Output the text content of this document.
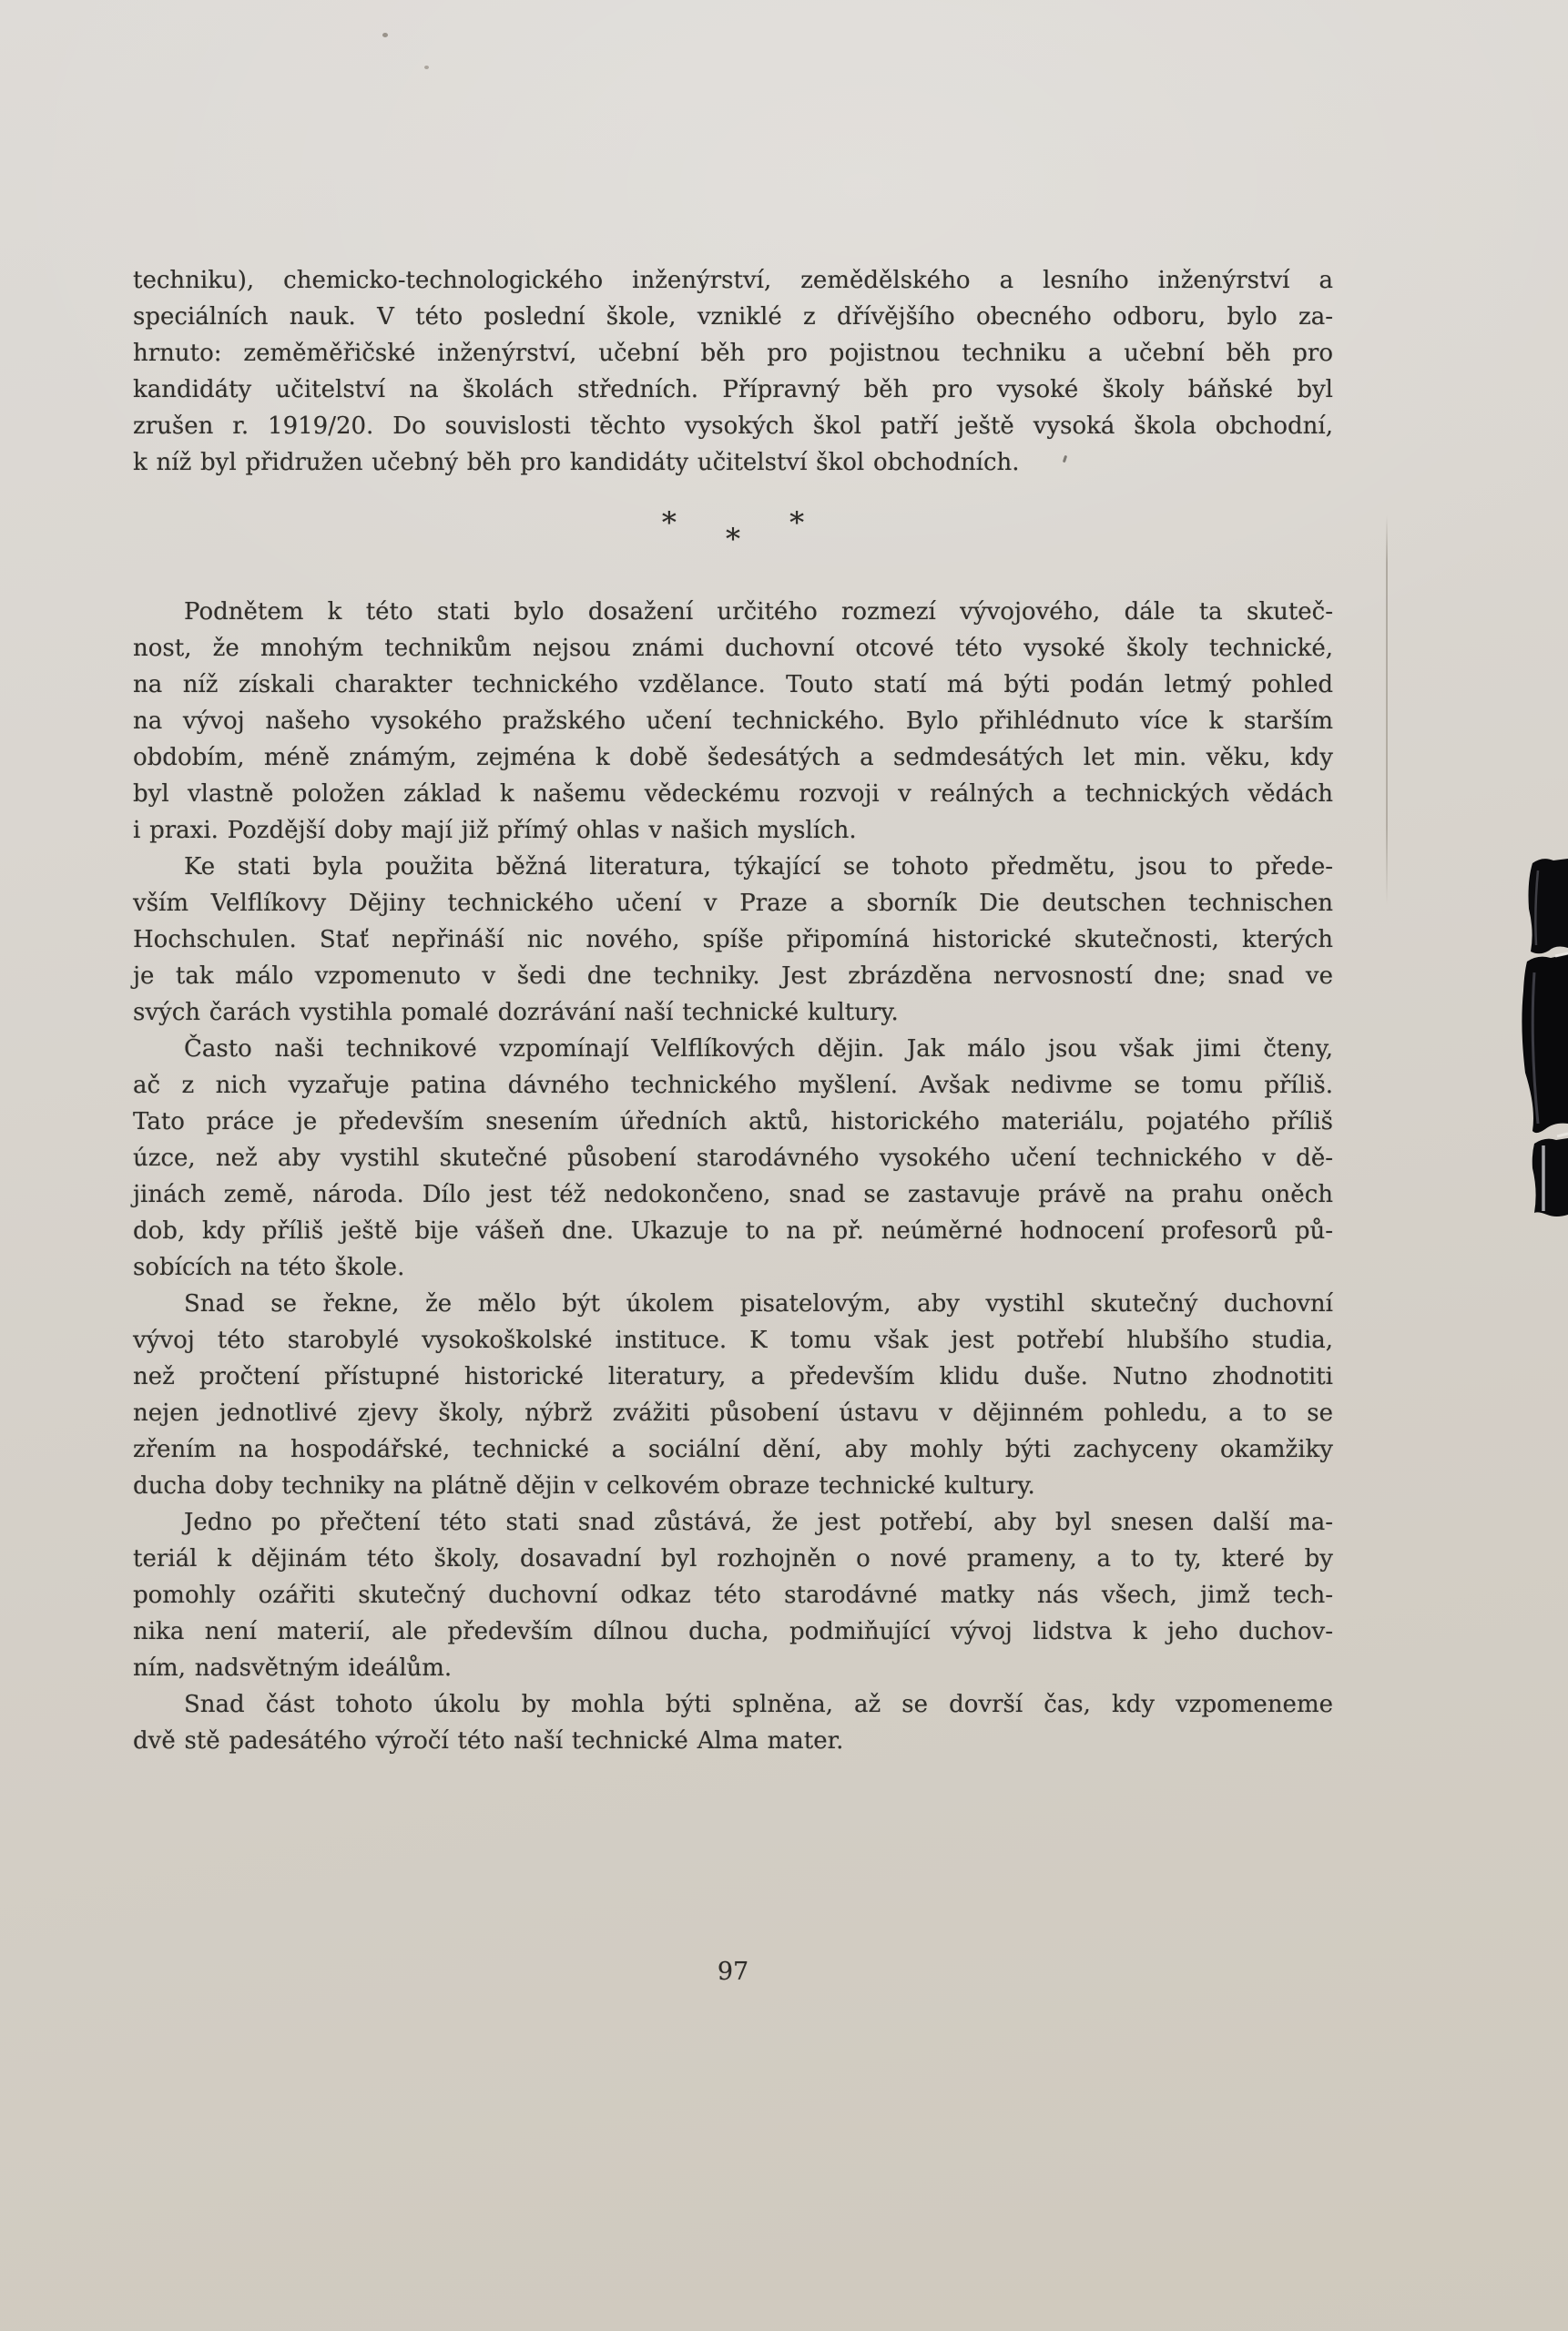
techniku), chemicko-technologického inženýrství, zemědělského a lesního inženýrství a
speciálních nauk. V této poslední škole, vzniklé z dřívějšího obecného odboru, bylo za-
hrnuto: zeměměřičské inženýrství, učební běh pro pojistnou techniku a učební běh pro
kandidáty učitelství na školách středních. Přípravný běh pro vysoké školy báňské byl
zrušen r. 1919/20. Do souvislosti těchto vysokých škol patří ještě vysoká škola obchodní,
k níž byl přidružen učebný běh pro kandidáty učitelství škol obchodních.
* * *
Podnětem k této stati bylo dosažení určitého rozmezí vývojového, dále ta skuteč-
nost, že mnohým technikům nejsou známi duchovní otcové této vysoké školy technické,
na níž získali charakter technického vzdělance. Touto statí má býti podán letmý pohled
na vývoj našeho vysokého pražského učení technického. Bylo přihlédnuto více k starším
obdobím, méně známým, zejména k době šedesátých a sedmdesátých let min. věku, kdy
byl vlastně položen základ k našemu vědeckému rozvoji v reálných a technických vědách
i praxi. Pozdější doby mají již přímý ohlas v našich myslích.
Ke stati byla použita běžná literatura, týkající se tohoto předmětu, jsou to přede-
vším Velflíkovy Dějiny technického učení v Praze a sborník Die deutschen technischen
Hochschulen. Stať nepřináší nic nového, spíše připomíná historické skutečnosti, kterých
je tak málo vzpomenuto v šedi dne techniky. Jest zbrázděna nervosností dne; snad ve
svých čarách vystihla pomalé dozrávání naší technické kultury.
Často naši technikové vzpomínají Velflíkových dějin. Jak málo jsou však jimi čteny,
ač z nich vyzařuje patina dávného technického myšlení. Avšak nedivme se tomu příliš.
Tato práce je především snesením úředních aktů, historického materiálu, pojatého příliš
úzce, než aby vystihl skutečné působení starodávného vysokého učení technického v dě-
jinách země, národa. Dílo jest též nedokončeno, snad se zastavuje právě na prahu oněch
dob, kdy příliš ještě bije vášeň dne. Ukazuje to na př. neúměrné hodnocení profesorů pů-
sobících na této škole.
Snad se řekne, že mělo být úkolem pisatelovým, aby vystihl skutečný duchovní
vývoj této starobylé vysokoškolské instituce. K tomu však jest potřebí hlubšího studia,
než pročtení přístupné historické literatury, a především klidu duše. Nutno zhodnotiti
nejen jednotlivé zjevy školy, nýbrž zvážiti působení ústavu v dějinném pohledu, a to se
zřením na hospodářské, technické a sociální dění, aby mohly býti zachyceny okamžiky
ducha doby techniky na plátně dějin v celkovém obraze technické kultury.
Jedno po přečtení této stati snad zůstává, že jest potřebí, aby byl snesen další ma-
teriál k dějinám této školy, dosavadní byl rozhojněn o nové prameny, a to ty, které by
pomohly ozářiti skutečný duchovní odkaz této starodávné matky nás všech, jimž tech-
nika není materií, ale především dílnou ducha, podmiňující vývoj lidstva k jeho duchov-
ním, nadsvětným ideálům.
Snad část tohoto úkolu by mohla býti splněna, až se dovrší čas, kdy vzpomeneme
dvě stě padesátého výročí této naší technické Alma mater.
97
